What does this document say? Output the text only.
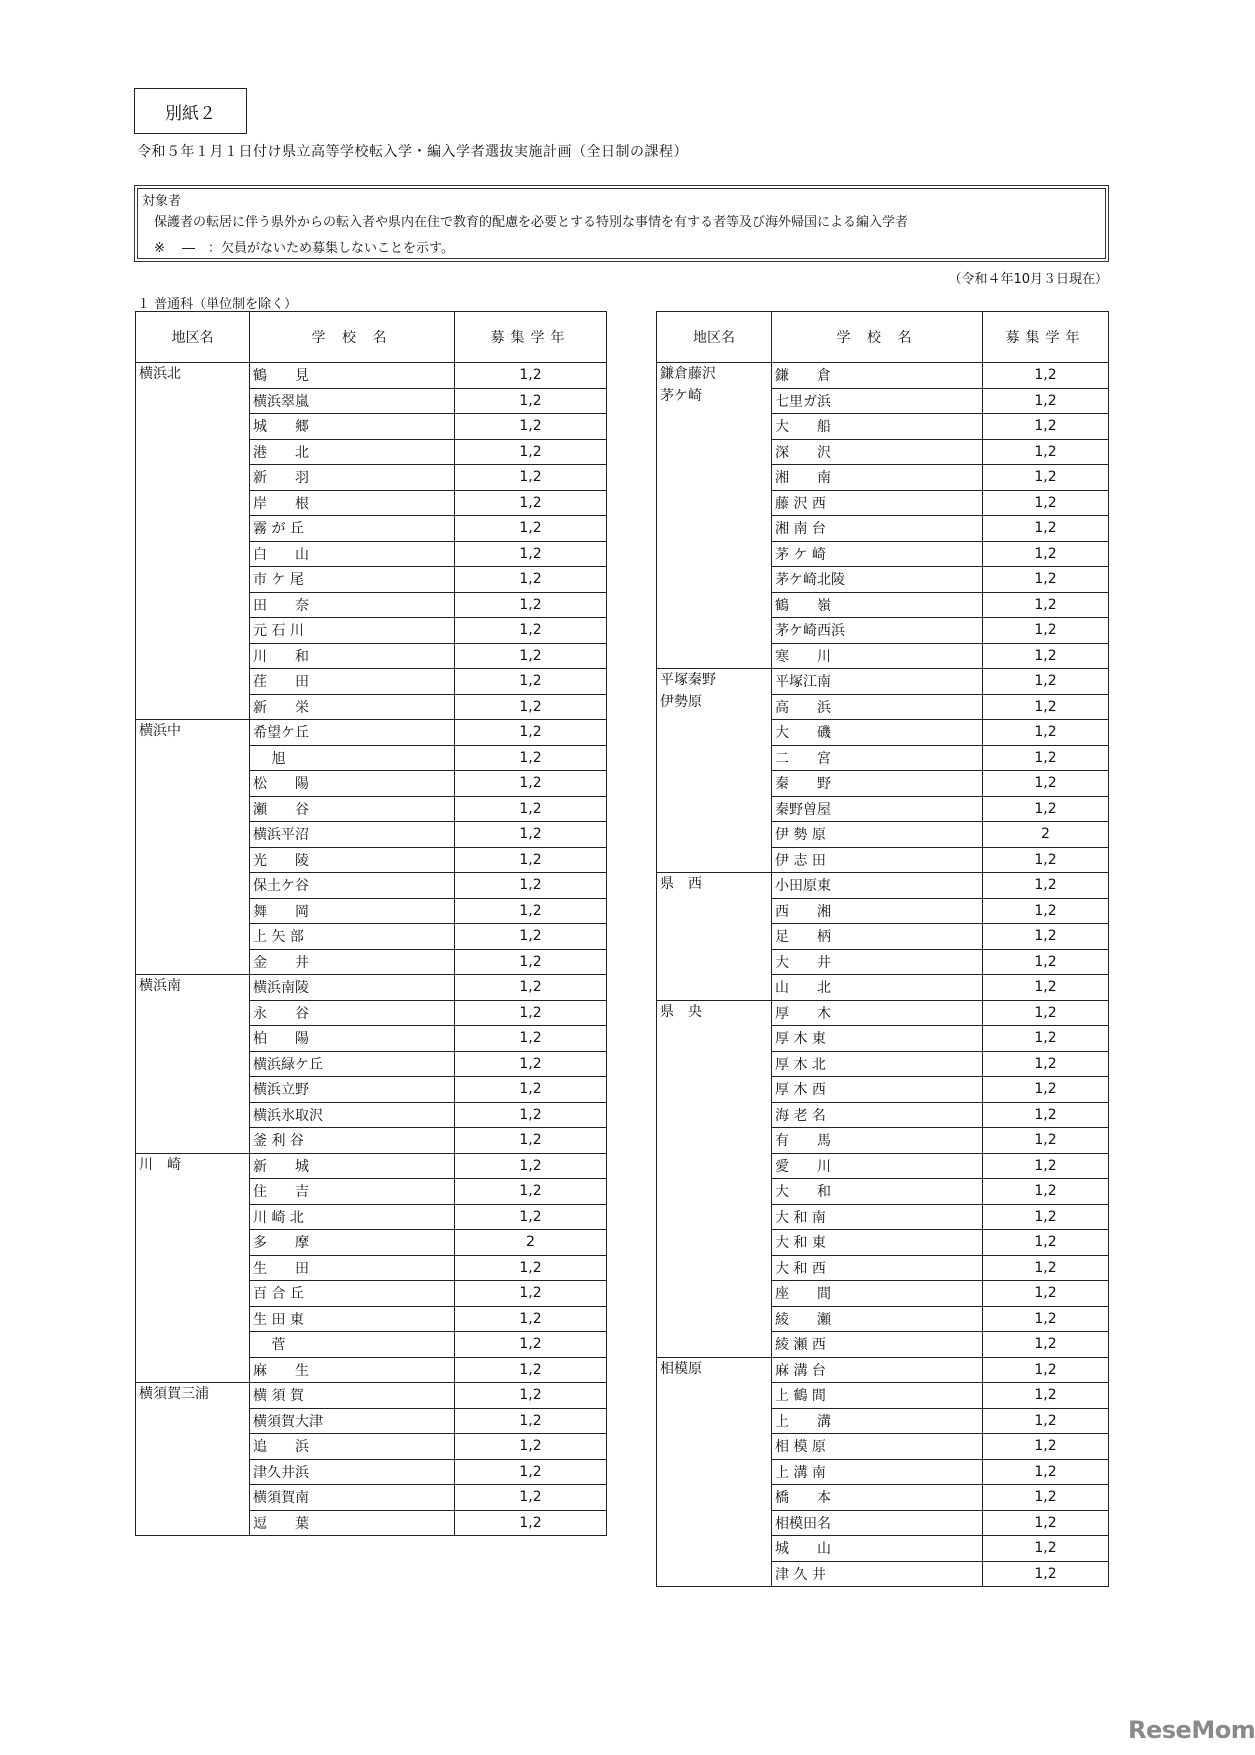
別紙２
令和５年１月１日付け県立高等学校転入学・編入学者選抜実施計画（全日制の課程）
対象者
保護者の転居に伴う県外からの転入者や県内在住で教育的配慮を必要とする特別な事情を有する者等及び海外帰国による編入学者
※　 ―　：欠員がないため募集しないことを示す。
（令和４年10月３日現在）
１ 普通科（単位制を除く）
地区名	学 校 名	募集学年

横浜北	鶴　　見	1,2
	横浜翠嵐	1,2
	城　　郷	1,2
	港　　北	1,2
	新　　羽	1,2
	岸　　根	1,2
	霧 が 丘	1,2
	白　　山	1,2
	市 ケ 尾	1,2
	田　　奈	1,2
	元 石 川	1,2
	川　　和	1,2
	荏　　田	1,2
	新　　栄	1,2

横浜中	希望ケ丘	1,2
	　 旭	1,2
	松　　陽	1,2
	瀬　　谷	1,2
	横浜平沼	1,2
	光　　陵	1,2
	保土ケ谷	1,2
	舞　　岡	1,2
	上 矢 部	1,2
	金　　井	1,2

横浜南	横浜南陵	1,2
	永　　谷	1,2
	柏　　陽	1,2
	横浜緑ケ丘	1,2
	横浜立野	1,2
	横浜氷取沢	1,2
	釜 利 谷	1,2

川　崎	新　　城	1,2
	住　　吉	1,2
	川 崎 北	1,2
	多　　摩	2
	生　　田	1,2
	百 合 丘	1,2
	生 田 東	1,2
	　 菅	1,2
	麻　　生	1,2

横須賀三浦	横 須 賀	1,2
	横須賀大津	1,2
	追　　浜	1,2
	津久井浜	1,2
	横須賀南	1,2
	逗　　葉	1,2
地区名	学 校 名	募集学年

鎌倉藤沢
茅ケ崎	鎌　　倉	1,2
	七里ガ浜	1,2
	大　　船	1,2
	深　　沢	1,2
	湘　　南	1,2
	藤 沢 西	1,2
	湘 南 台	1,2
	茅 ケ 崎	1,2
	茅ケ崎北陵	1,2
	鶴　　嶺	1,2
	茅ケ崎西浜	1,2
	寒　　川	1,2

平塚秦野
伊勢原	平塚江南	1,2
	高　　浜	1,2
	大　　磯	1,2
	二　　宮	1,2
	秦　　野	1,2
	秦野曽屋	1,2
	伊 勢 原	2
	伊 志 田	1,2

県　西	小田原東	1,2
	西　　湘	1,2
	足　　柄	1,2
	大　　井	1,2
	山　　北	1,2

県　央	厚　　木	1,2
	厚 木 東	1,2
	厚 木 北	1,2
	厚 木 西	1,2
	海 老 名	1,2
	有　　馬	1,2
	愛　　川	1,2
	大　　和	1,2
	大 和 南	1,2
	大 和 東	1,2
	大 和 西	1,2
	座　　間	1,2
	綾　　瀬	1,2
	綾 瀬 西	1,2

相模原	麻 溝 台	1,2
	上 鶴 間	1,2
	上　　溝	1,2
	相 模 原	1,2
	上 溝 南	1,2
	橋　　本	1,2
	相模田名	1,2
	城　　山	1,2
	津 久 井	1,2
ReseMom
